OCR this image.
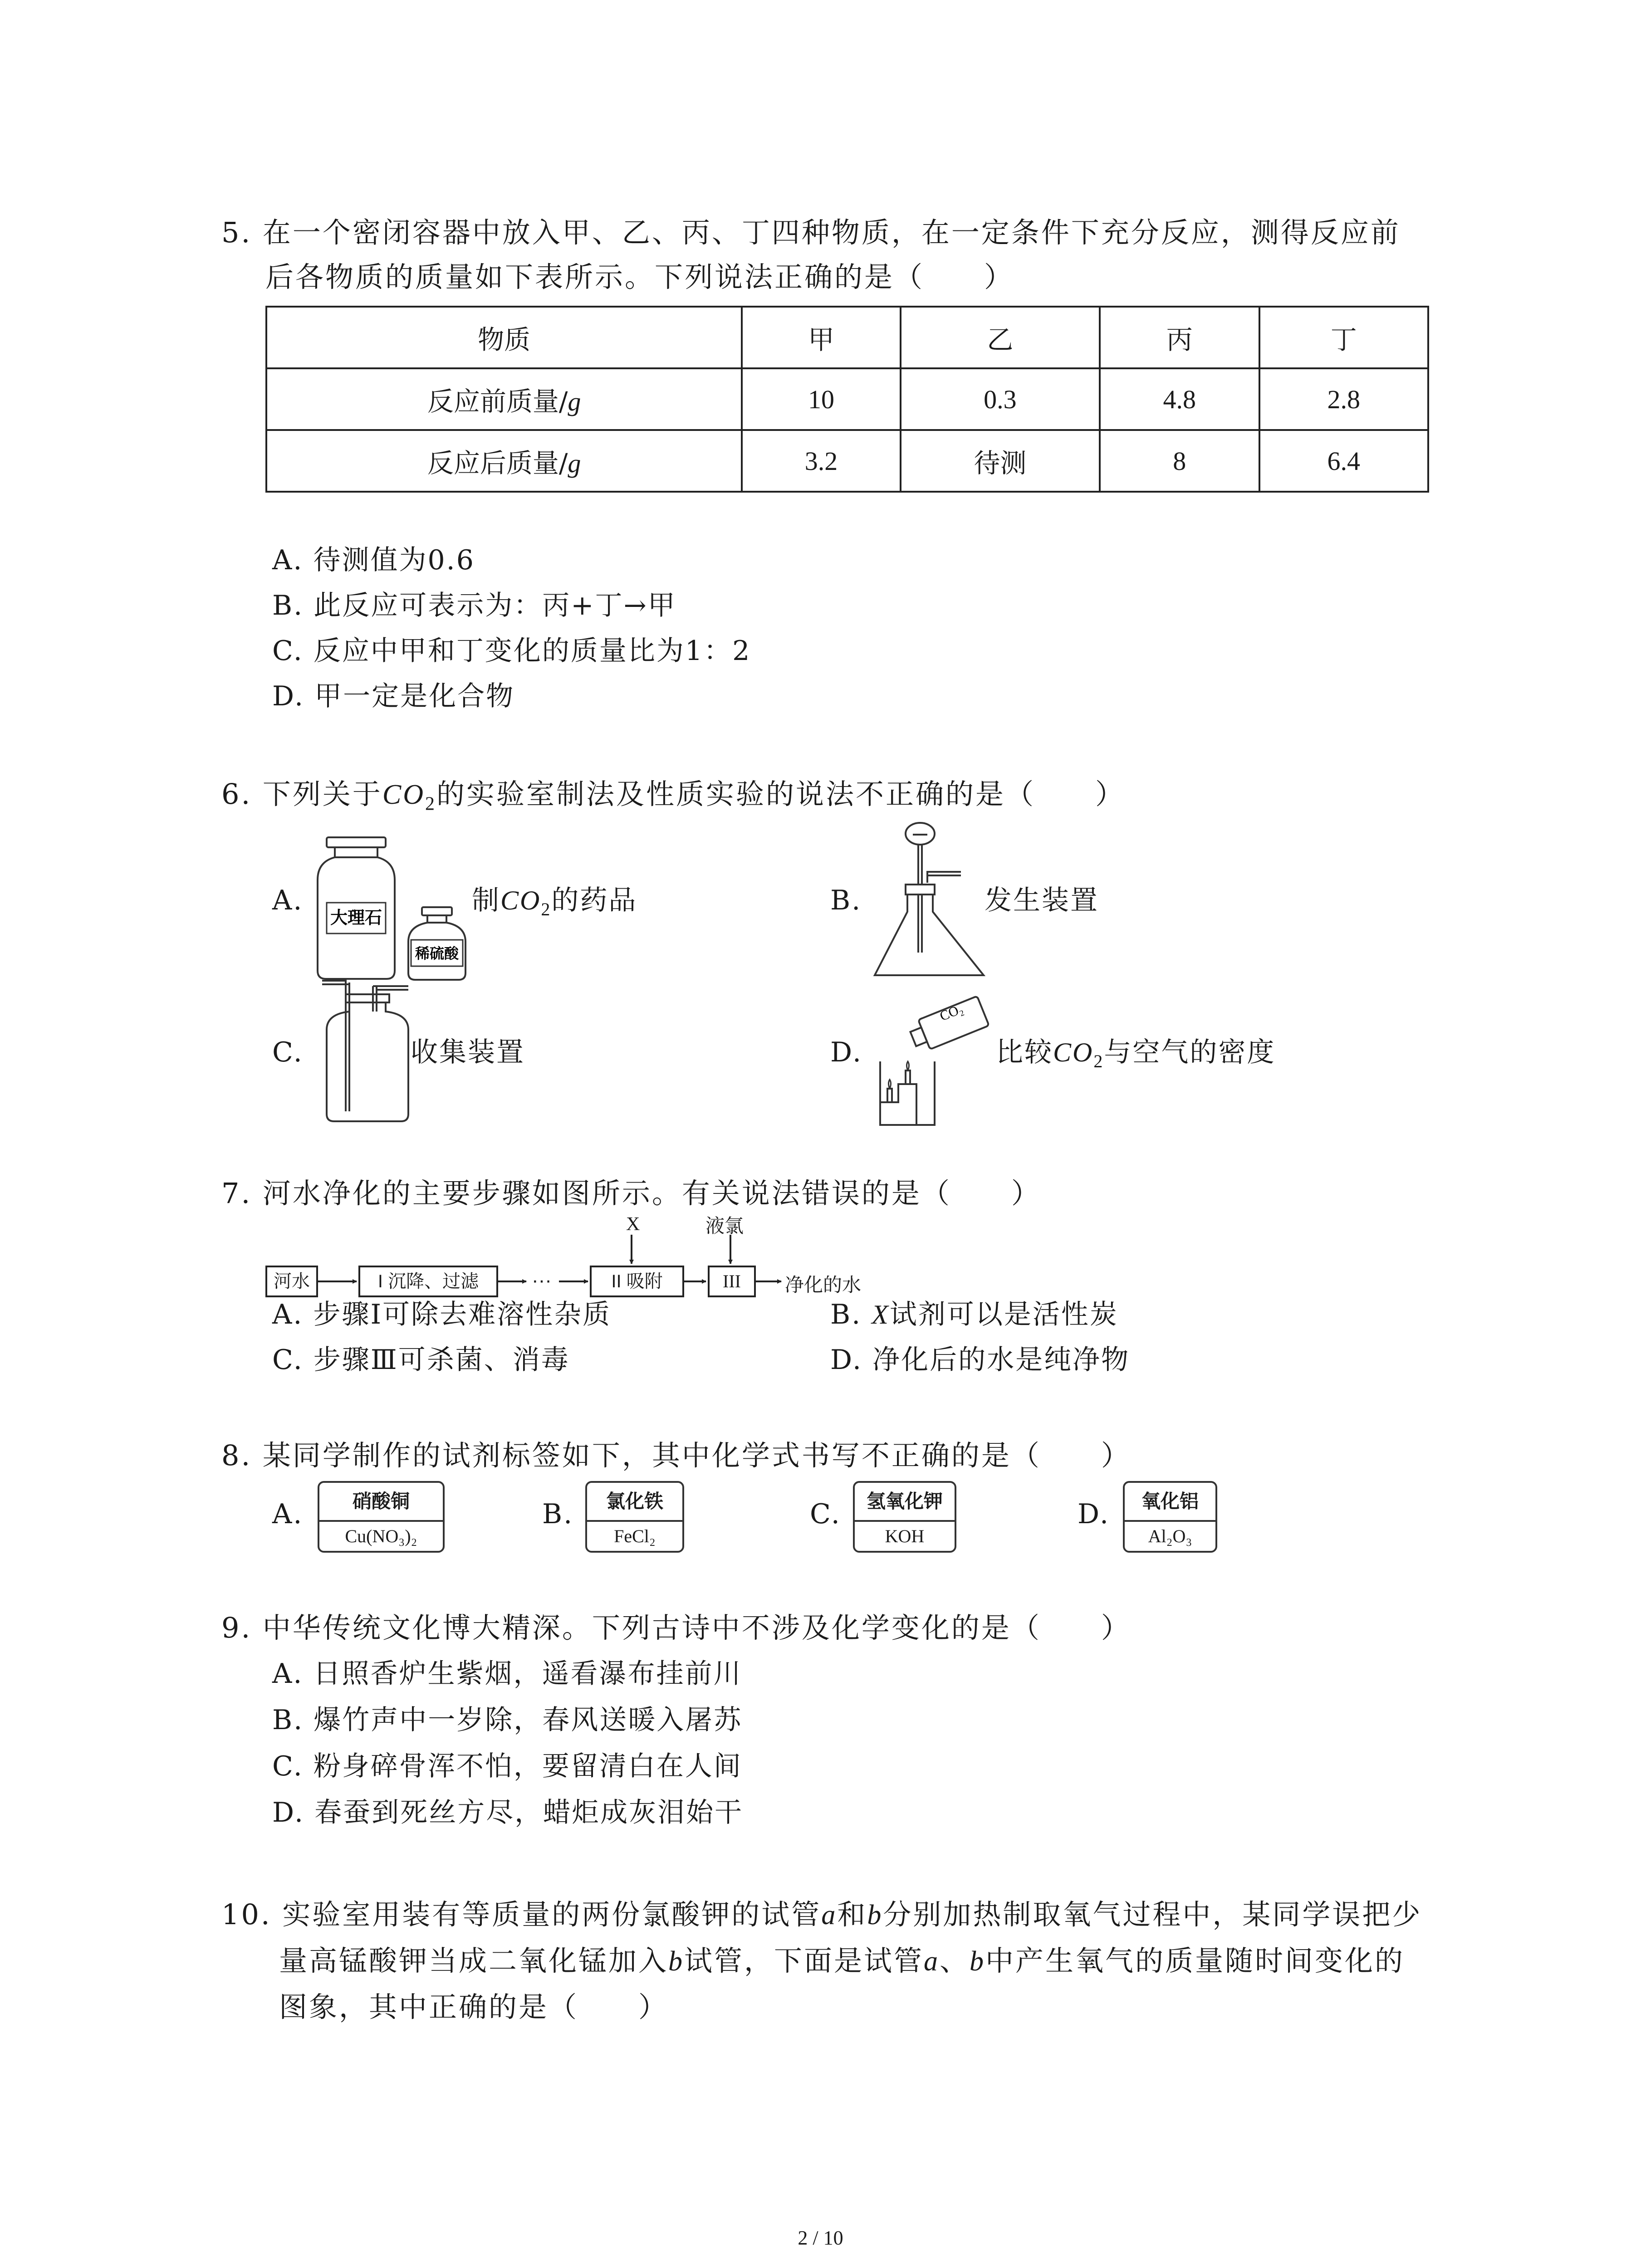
5. 在一个密闭容器中放入甲、乙、丙、丁四种物质，在一定条件下充分反应，测得反应前
后各物质的质量如下表所示。下列说法正确的是（　　）
物质	甲	乙	丙	丁
反应前质量/g	10	0.3	4.8	2.8
反应后质量/g	3.2	待测	8	6.4
A. 待测值为0.6
B. 此反应可表示为：丙+丁→甲
C. 反应中甲和丁变化的质量比为1：2
D. 甲一定是化合物
6. 下列关于$CO_2$的实验室制法及性质实验的说法不正确的是（　　）
A.
大理石
稀硫酸
制$CO_2$的药品	B.	发生装置
C.	收集装置	D.
CO₂
比较$CO_2$与空气的密度
7. 河水净化的主要步骤如图所示。有关说法错误的是（　　）
河水	I 沉降、过滤	···	II 吸附	III	净化的水
X	液氯
A. 步骤Ⅰ可除去难溶性杂质	B. X试剂可以是活性炭
C. 步骤Ⅲ可杀菌、消毒	D. 净化后的水是纯净物
8. 某同学制作的试剂标签如下，其中化学式书写不正确的是（　　）
A.	硝酸铜
Cu(NO₃)₂
B.	氯化铁
FeCl₂
C.	氢氧化钾
KOH
D.	氧化铝
Al₂O₃
9. 中华传统文化博大精深。下列古诗中不涉及化学变化的是（　　）
A. 日照香炉生紫烟，遥看瀑布挂前川
B. 爆竹声中一岁除，春风送暖入屠苏
C. 粉身碎骨浑不怕，要留清白在人间
D. 春蚕到死丝方尽，蜡炬成灰泪始干
10. 实验室用装有等质量的两份氯酸钾的试管a和b分别加热制取氧气过程中，某同学误把少
量高锰酸钾当成二氧化锰加入b试管，下面是试管a、b中产生氧气的质量随时间变化的
图象，其中正确的是（　　）
2 / 10
